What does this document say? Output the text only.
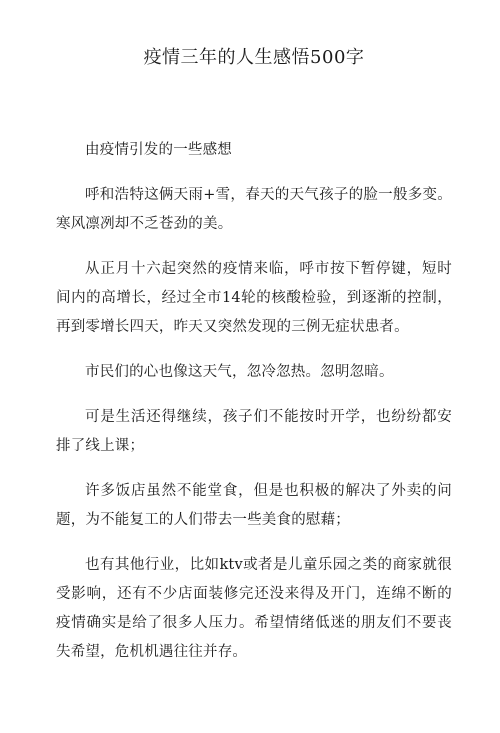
疫情三年的人生感悟500字

由疫情引发的一些感想

呼和浩特这俩天雨+雪，春天的天气孩子的脸一般多变。寒风凛冽却不乏苍劲的美。

从正月十六起突然的疫情来临，呼市按下暂停键，短时间内的高增长，经过全市14轮的核酸检验，到逐渐的控制，再到零增长四天，昨天又突然发现的三例无症状患者。

市民们的心也像这天气，忽冷忽热。忽明忽暗。

可是生活还得继续，孩子们不能按时开学，也纷纷都安排了线上课；

许多饭店虽然不能堂食，但是也积极的解决了外卖的问题，为不能复工的人们带去一些美食的慰藉；

也有其他行业，比如ktv或者是儿童乐园之类的商家就很受影响，还有不少店面装修完还没来得及开门，连绵不断的疫情确实是给了很多人压力。希望情绪低迷的朋友们不要丧失希望，危机机遇往往并存。
